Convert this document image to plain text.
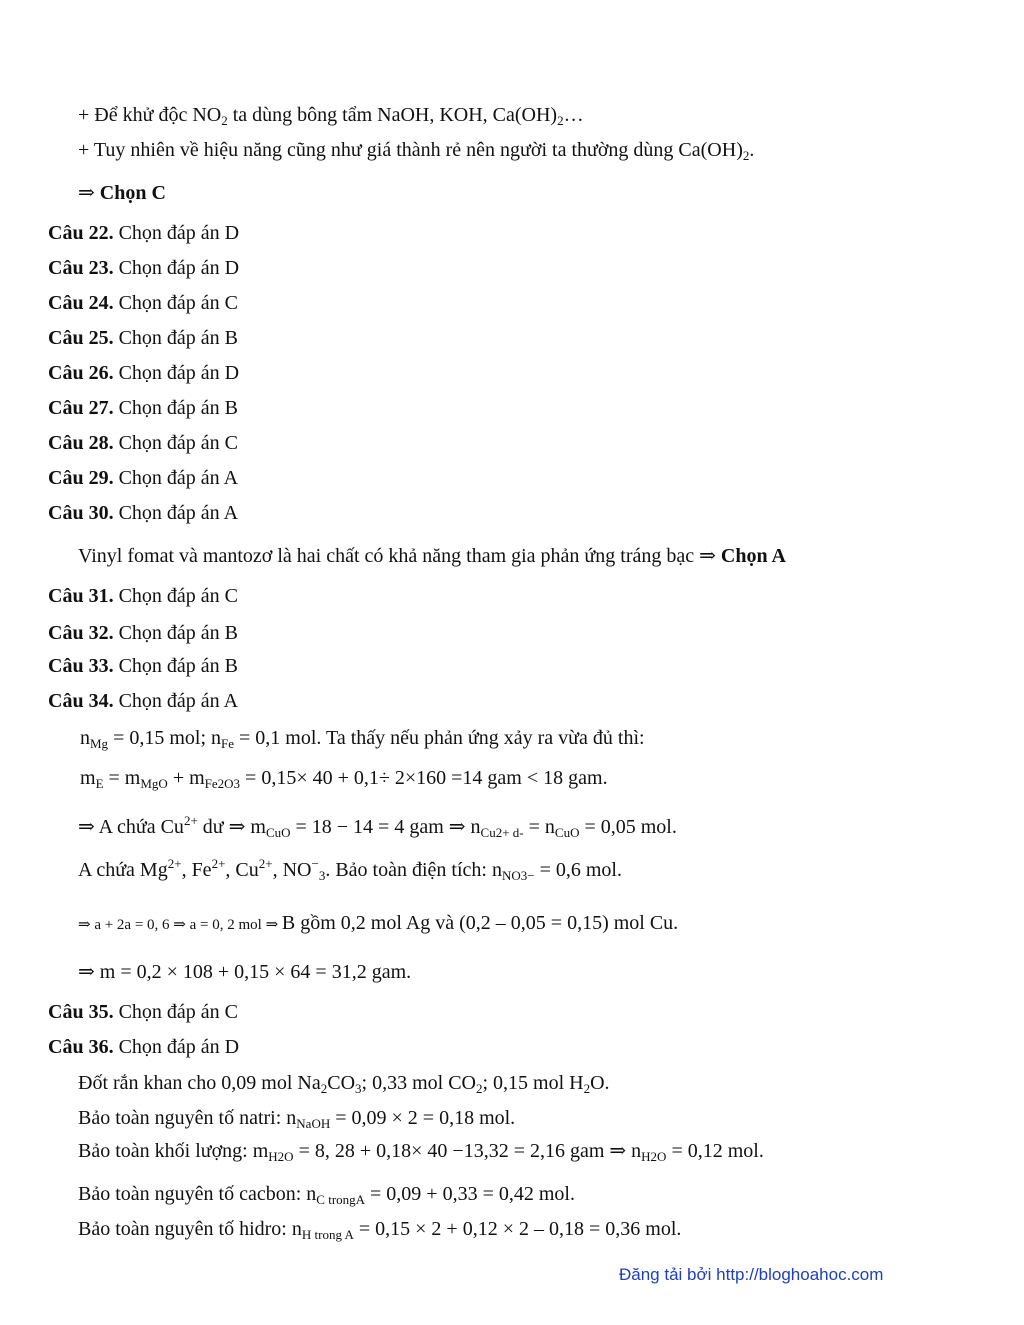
+ Để khử độc $NO_2$ ta dùng bông tẩm NaOH, KOH, $Ca(OH)_2\dots$
+ Tuy nhiên về hiệu năng cũng như giá thành rẻ nên người ta thường dùng $Ca(OH)_2$.
⇒ Chọn C
Câu 22. Chọn đáp án D
Câu 23. Chọn đáp án D
Câu 24. Chọn đáp án C
Câu 25. Chọn đáp án B
Câu 26. Chọn đáp án D
Câu 27. Chọn đáp án B
Câu 28. Chọn đáp án C
Câu 29. Chọn đáp án A
Câu 30. Chọn đáp án A
Vinyl fomat và mantozơ là hai chất có khả năng tham gia phản ứng tráng bạc ⇒ Chọn A
Câu 31. Chọn đáp án C
Câu 32. Chọn đáp án B
Câu 33. Chọn đáp án B
Câu 34. Chọn đáp án A
$n_{Mg} = 0,15$ mol; $n_{Fe} = 0,1$ mol. Ta thấy nếu phản ứng xảy ra vừa đủ thì:
$m_E = m_{MgO} + m_{Fe2O3} = 0,15\times 40 + 0,1\div 2\times 160 =14$ gam < 18 gam.
⇒ A chứa $Cu^{2+}$ dư ⇒ $m_{CuO} = 18 - 14 = 4$ gam ⇒ $n_{Cu2+ d-} = n_{CuO} = 0,05$ mol.
A chứa $Mg^{2+}$, $Fe^{2+}$, $Cu^{2+}$, $NO^-_3$. Bảo toàn điện tích: $n_{NO3-} = 0,6$ mol.
⇒ a + 2a = 0, 6 ⇒ a = 0, 2 mol ⇒ B gồm 0,2 mol Ag và (0,2 – 0,05 = 0,15) mol Cu.
⇒ m = 0,2 × 108 + 0,15 × 64 = 31,2 gam.
Câu 35. Chọn đáp án C
Câu 36. Chọn đáp án D
Đốt rắn khan cho 0,09 mol $Na_2CO_3$; 0,33 mol $CO_2$; 0,15 mol $H_2O$.
Bảo toàn nguyên tố natri: $n_{NaOH} = 0,09 \times 2 = 0,18$ mol.
Bảo toàn khối lượng: $m_{H2O} = 8$, 28 + 0,18× 40 −13,32 = 2,16 gam ⇒ $n_{H2O} = 0,12$ mol.
Bảo toàn nguyên tố cacbon: $n_{C trongA} = 0,09 + 0,33 = 0,42$ mol.
Bảo toàn nguyên tố hidro: $n_{H trong A} = 0,15 \times 2 + 0,12 \times 2 - 0,18 = 0,36$ mol.
Đăng tải bởi http://bloghoahoc.com
